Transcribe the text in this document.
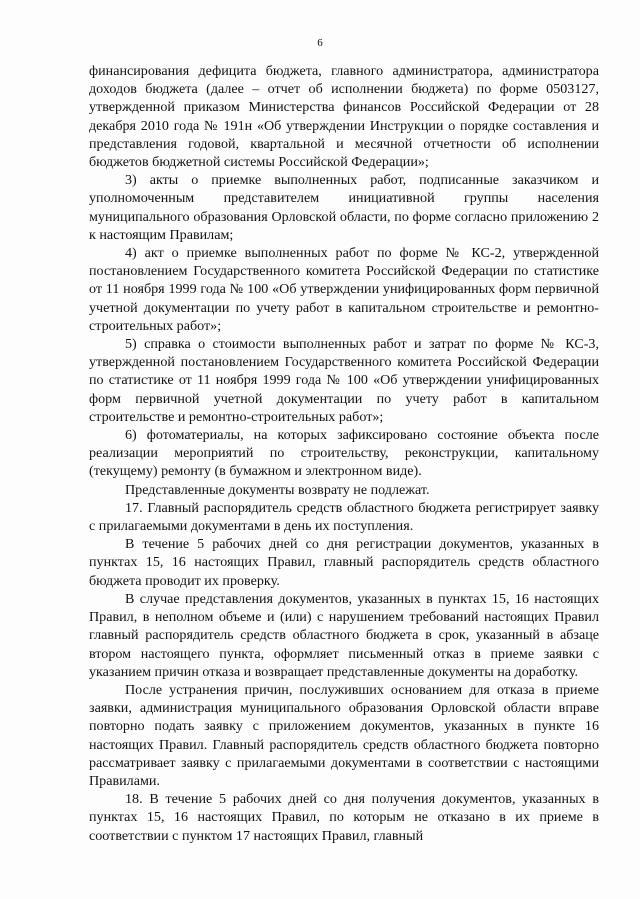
6

финансирования дефицита бюджета, главного администратора, администратора доходов бюджета (далее – отчет об исполнении бюджета) по форме 0503127, утвержденной приказом Министерства финансов Российской Федерации от 28 декабря 2010 года № 191н «Об утверждении Инструкции о порядке составления и представления годовой, квартальной и месячной отчетности об исполнении бюджетов бюджетной системы Российской Федерации»;

3) акты о приемке выполненных работ, подписанные заказчиком и уполномоченным представителем инициативной группы населения муниципального образования Орловской области, по форме согласно приложению 2 к настоящим Правилам;

4) акт о приемке выполненных работ по форме № КС-2, утвержденной постановлением Государственного комитета Российской Федерации по статистике от 11 ноября 1999 года № 100 «Об утверждении унифицированных форм первичной учетной документации по учету работ в капитальном строительстве и ремонтно-строительных работ»;

5) справка о стоимости выполненных работ и затрат по форме № КС-3, утвержденной постановлением Государственного комитета Российской Федерации по статистике от 11 ноября 1999 года № 100 «Об утверждении унифицированных форм первичной учетной документации по учету работ в капитальном строительстве и ремонтно-строительных работ»;

6) фотоматериалы, на которых зафиксировано состояние объекта после реализации мероприятий по строительству, реконструкции, капитальному (текущему) ремонту (в бумажном и электронном виде).

Представленные документы возврату не подлежат.

17. Главный распорядитель средств областного бюджета регистрирует заявку с прилагаемыми документами в день их поступления.

В течение 5 рабочих дней со дня регистрации документов, указанных в пунктах 15, 16 настоящих Правил, главный распорядитель средств областного бюджета проводит их проверку.

В случае представления документов, указанных в пунктах 15, 16 настоящих Правил, в неполном объеме и (или) с нарушением требований настоящих Правил главный распорядитель средств областного бюджета в срок, указанный в абзаце втором настоящего пункта, оформляет письменный отказ в приеме заявки с указанием причин отказа и возвращает представленные документы на доработку.

После устранения причин, послуживших основанием для отказа в приеме заявки, администрация муниципального образования Орловской области вправе повторно подать заявку с приложением документов, указанных в пункте 16 настоящих Правил. Главный распорядитель средств областного бюджета повторно рассматривает заявку с прилагаемыми документами в соответствии с настоящими Правилами.

18. В течение 5 рабочих дней со дня получения документов, указанных в пунктах 15, 16 настоящих Правил, по которым не отказано в их приеме в соответствии с пунктом 17 настоящих Правил, главный
